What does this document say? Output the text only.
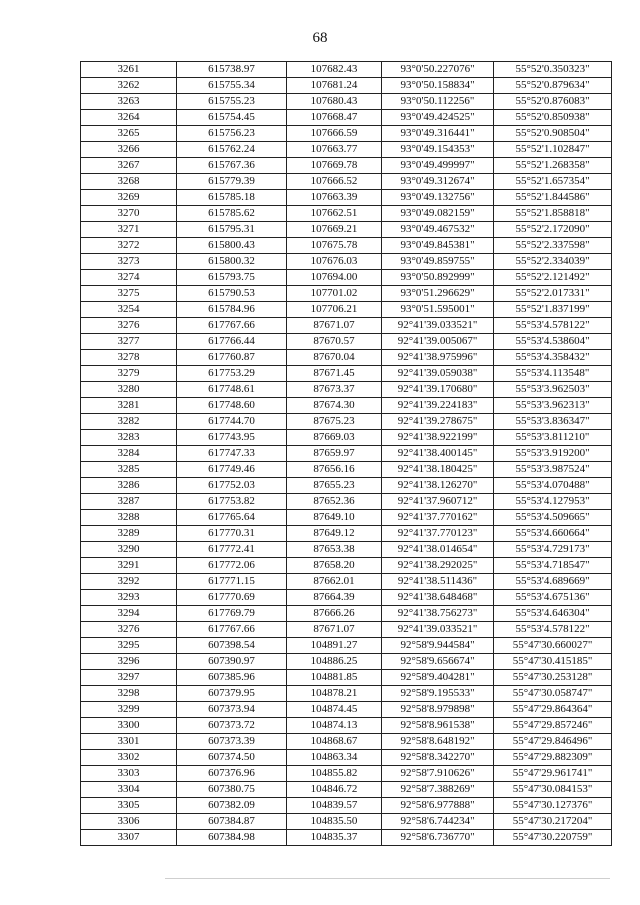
68
3261	615738.97	107682.43	93°0'50.227076"	55°52'0.350323"
3262	615755.34	107681.24	93°0'50.158834"	55°52'0.879634"
3263	615755.23	107680.43	93°0'50.112256"	55°52'0.876083"
3264	615754.45	107668.47	93°0'49.424525"	55°52'0.850938"
3265	615756.23	107666.59	93°0'49.316441"	55°52'0.908504"
3266	615762.24	107663.77	93°0'49.154353"	55°52'1.102847"
3267	615767.36	107669.78	93°0'49.499997"	55°52'1.268358"
3268	615779.39	107666.52	93°0'49.312674"	55°52'1.657354"
3269	615785.18	107663.39	93°0'49.132756"	55°52'1.844586"
3270	615785.62	107662.51	93°0'49.082159"	55°52'1.858818"
3271	615795.31	107669.21	93°0'49.467532"	55°52'2.172090"
3272	615800.43	107675.78	93°0'49.845381"	55°52'2.337598"
3273	615800.32	107676.03	93°0'49.859755"	55°52'2.334039"
3274	615793.75	107694.00	93°0'50.892999"	55°52'2.121492"
3275	615790.53	107701.02	93°0'51.296629"	55°52'2.017331"
3254	615784.96	107706.21	93°0'51.595001"	55°52'1.837199"
3276	617767.66	87671.07	92°41'39.033521"	55°53'4.578122"
3277	617766.44	87670.57	92°41'39.005067"	55°53'4.538604"
3278	617760.87	87670.04	92°41'38.975996"	55°53'4.358432"
3279	617753.29	87671.45	92°41'39.059038"	55°53'4.113548"
3280	617748.61	87673.37	92°41'39.170680"	55°53'3.962503"
3281	617748.60	87674.30	92°41'39.224183"	55°53'3.962313"
3282	617744.70	87675.23	92°41'39.278675"	55°53'3.836347"
3283	617743.95	87669.03	92°41'38.922199"	55°53'3.811210"
3284	617747.33	87659.97	92°41'38.400145"	55°53'3.919200"
3285	617749.46	87656.16	92°41'38.180425"	55°53'3.987524"
3286	617752.03	87655.23	92°41'38.126270"	55°53'4.070488"
3287	617753.82	87652.36	92°41'37.960712"	55°53'4.127953"
3288	617765.64	87649.10	92°41'37.770162"	55°53'4.509665"
3289	617770.31	87649.12	92°41'37.770123"	55°53'4.660664"
3290	617772.41	87653.38	92°41'38.014654"	55°53'4.729173"
3291	617772.06	87658.20	92°41'38.292025"	55°53'4.718547"
3292	617771.15	87662.01	92°41'38.511436"	55°53'4.689669"
3293	617770.69	87664.39	92°41'38.648468"	55°53'4.675136"
3294	617769.79	87666.26	92°41'38.756273"	55°53'4.646304"
3276	617767.66	87671.07	92°41'39.033521"	55°53'4.578122"
3295	607398.54	104891.27	92°58'9.944584"	55°47'30.660027"
3296	607390.97	104886.25	92°58'9.656674"	55°47'30.415185"
3297	607385.96	104881.85	92°58'9.404281"	55°47'30.253128"
3298	607379.95	104878.21	92°58'9.195533"	55°47'30.058747"
3299	607373.94	104874.45	92°58'8.979898"	55°47'29.864364"
3300	607373.72	104874.13	92°58'8.961538"	55°47'29.857246"
3301	607373.39	104868.67	92°58'8.648192"	55°47'29.846496"
3302	607374.50	104863.34	92°58'8.342270"	55°47'29.882309"
3303	607376.96	104855.82	92°58'7.910626"	55°47'29.961741"
3304	607380.75	104846.72	92°58'7.388269"	55°47'30.084153"
3305	607382.09	104839.57	92°58'6.977888"	55°47'30.127376"
3306	607384.87	104835.50	92°58'6.744234"	55°47'30.217204"
3307	607384.98	104835.37	92°58'6.736770"	55°47'30.220759"
